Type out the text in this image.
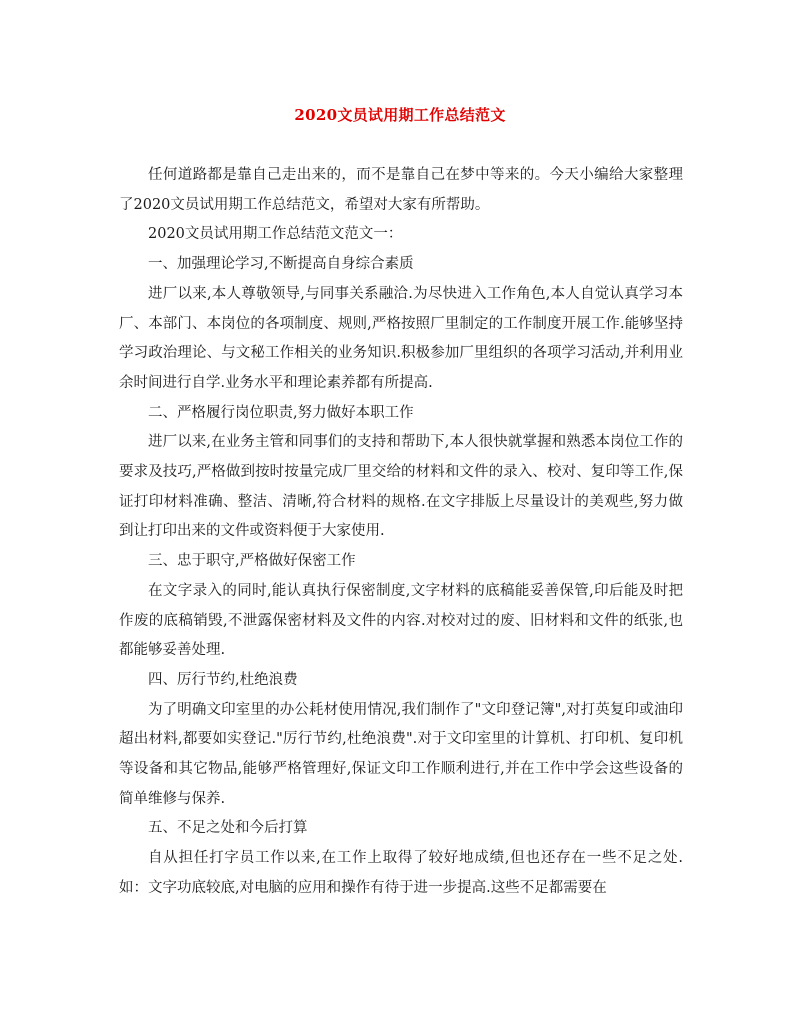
2020文员试用期工作总结范文

任何道路都是靠自己走出来的，而不是靠自己在梦中等来的。今天小编给大家整理了2020文员试用期工作总结范文，希望对大家有所帮助。

2020文员试用期工作总结范文范文一：

一、加强理论学习,不断提高自身综合素质

进厂以来,本人尊敬领导,与同事关系融洽.为尽快进入工作角色,本人自觉认真学习本厂、本部门、本岗位的各项制度、规则,严格按照厂里制定的工作制度开展工作.能够坚持学习政治理论、与文秘工作相关的业务知识.积极参加厂里组织的各项学习活动,并利用业余时间进行自学.业务水平和理论素养都有所提高.

二、严格履行岗位职责,努力做好本职工作

进厂以来,在业务主管和同事们的支持和帮助下,本人很快就掌握和熟悉本岗位工作的要求及技巧,严格做到按时按量完成厂里交给的材料和文件的录入、校对、复印等工作,保证打印材料准确、整洁、清晰,符合材料的规格.在文字排版上尽量设计的美观些,努力做到让打印出来的文件或资料便于大家使用.

三、忠于职守,严格做好保密工作

在文字录入的同时,能认真执行保密制度,文字材料的底稿能妥善保管,印后能及时把作废的底稿销毁,不泄露保密材料及文件的内容.对校对过的废、旧材料和文件的纸张,也都能够妥善处理.

四、厉行节约,杜绝浪费

为了明确文印室里的办公耗材使用情况,我们制作了"文印登记簿",对打英复印或油印超出材料,都要如实登记."厉行节约,杜绝浪费".对于文印室里的计算机、打印机、复印机等设备和其它物品,能够严格管理好,保证文印工作顺利进行,并在工作中学会这些设备的简单维修与保养.

五、不足之处和今后打算

自从担任打字员工作以来,在工作上取得了较好地成绩,但也还存在一些不足之处.如：文字功底较底,对电脑的应用和操作有待于进一步提高.这些不足都需要在
